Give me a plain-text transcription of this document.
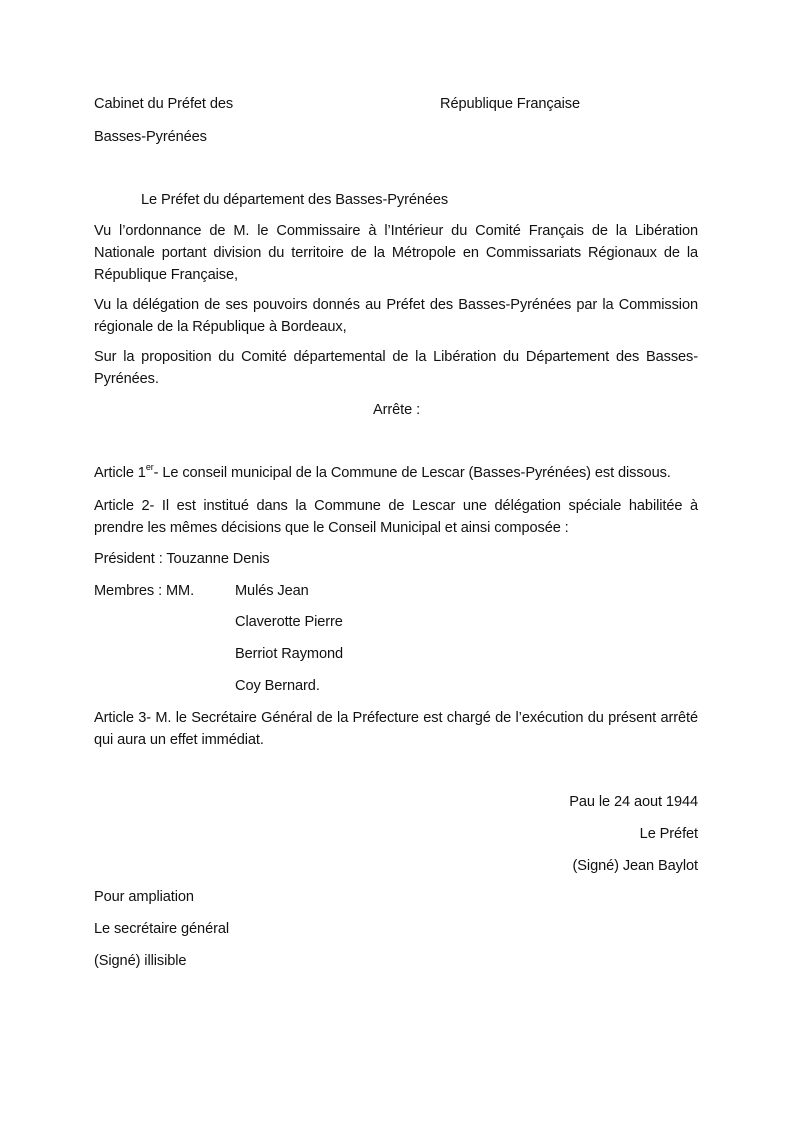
Cabinet du Préfet des	République Française
Basses-Pyrénées
Le Préfet du département des Basses-Pyrénées
Vu l’ordonnance de M. le Commissaire à l’Intérieur du Comité Français de la Libération Nationale portant division du territoire de la Métropole en Commissariats Régionaux de la République Française,
Vu la délégation de ses pouvoirs donnés au Préfet des Basses-Pyrénées par la Commission régionale de la République à Bordeaux,
Sur la proposition du Comité départemental de la Libération du Département des Basses-Pyrénées.
Arrête :
Article 1er- Le conseil municipal de la Commune de Lescar (Basses-Pyrénées) est dissous.
Article 2- Il est institué dans la Commune de Lescar une délégation spéciale habilitée à prendre les mêmes décisions que le Conseil Municipal et ainsi composée :
Président : Touzanne Denis
Membres : MM.	Mulés Jean
Claverotte Pierre
Berriot Raymond
Coy Bernard.
Article 3- M. le Secrétaire Général de la Préfecture est chargé de l’exécution du présent arrêté qui aura un effet immédiat.
Pau le 24 aout 1944
Le Préfet
(Signé) Jean Baylot
Pour ampliation
Le secrétaire général
(Signé) illisible
